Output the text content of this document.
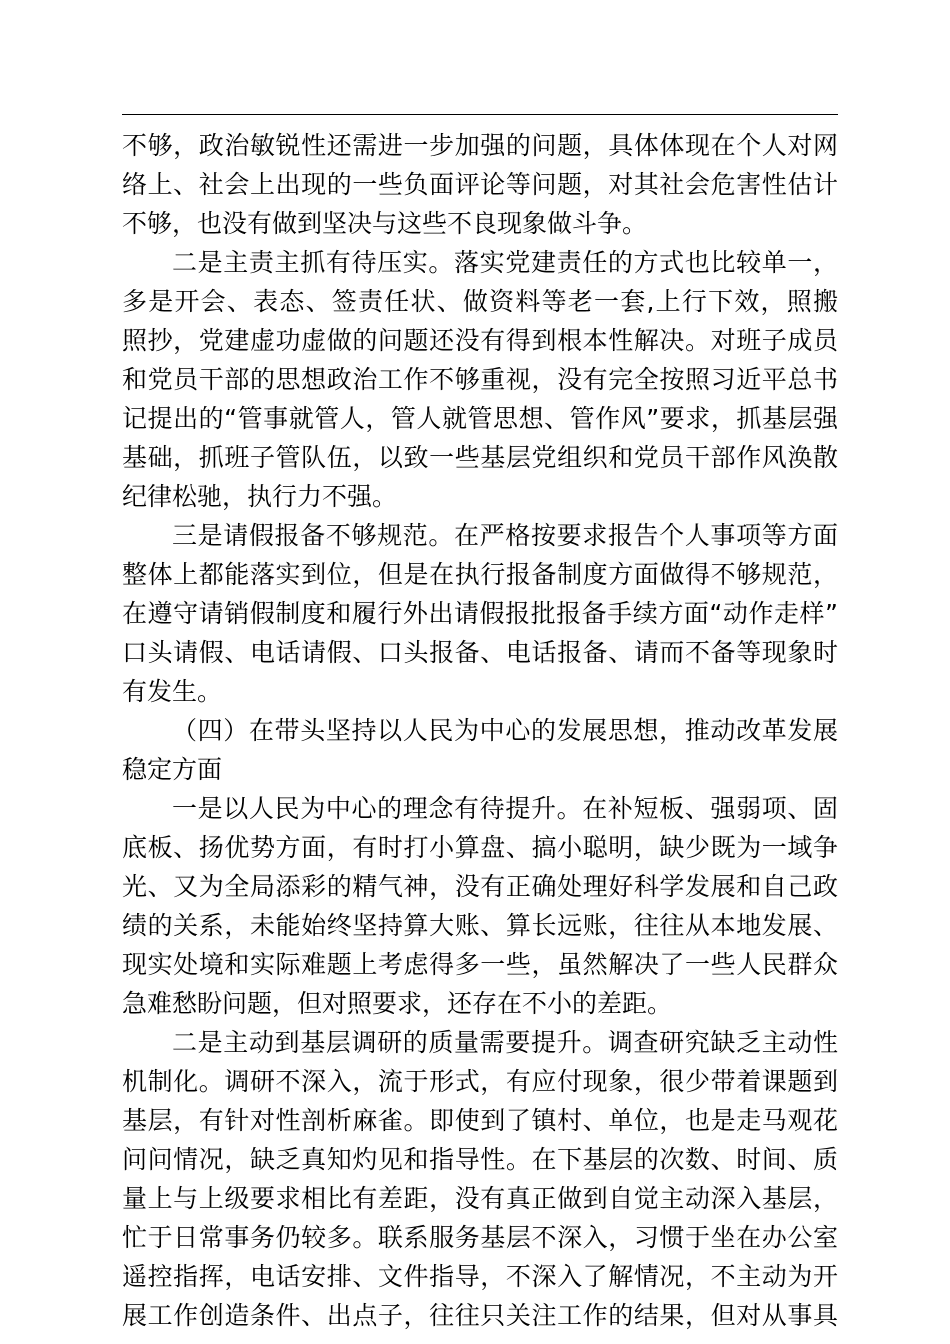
不够，政治敏锐性还需进一步加强的问题，具体体现在个人对网
络上、社会上出现的一些负面评论等问题，对其社会危害性估计
不够，也没有做到坚决与这些不良现象做斗争。
二是主责主抓有待压实。落实党建责任的方式也比较单一，
多是开会、表态、签责任状、做资料等老一套,上行下效，照搬
照抄，党建虚功虚做的问题还没有得到根本性解决。对班子成员
和党员干部的思想政治工作不够重视，没有完全按照习近平总书
记提出的“管事就管人，管人就管思想、管作风”要求，抓基层强
基础，抓班子管队伍，以致一些基层党组织和党员干部作风涣散
纪律松驰，执行力不强。
三是请假报备不够规范。在严格按要求报告个人事项等方面
整体上都能落实到位，但是在执行报备制度方面做得不够规范，
在遵守请销假制度和履行外出请假报批报备手续方面“动作走样”
口头请假、电话请假、口头报备、电话报备、请而不备等现象时
有发生。
（四）在带头坚持以人民为中心的发展思想，推动改革发展
稳定方面
一是以人民为中心的理念有待提升。在补短板、强弱项、固
底板、扬优势方面，有时打小算盘、搞小聪明，缺少既为一域争
光、又为全局添彩的精气神，没有正确处理好科学发展和自己政
绩的关系，未能始终坚持算大账、算长远账，往往从本地发展、
现实处境和实际难题上考虑得多一些，虽然解决了一些人民群众
急难愁盼问题，但对照要求，还存在不小的差距。
二是主动到基层调研的质量需要提升。调查研究缺乏主动性
机制化。调研不深入，流于形式，有应付现象，很少带着课题到
基层，有针对性剖析麻雀。即使到了镇村、单位，也是走马观花
问问情况，缺乏真知灼见和指导性。在下基层的次数、时间、质
量上与上级要求相比有差距，没有真正做到自觉主动深入基层，
忙于日常事务仍较多。联系服务基层不深入，习惯于坐在办公室
遥控指挥，电话安排、文件指导，不深入了解情况，不主动为开
展工作创造条件、出点子，往往只关注工作的结果，但对从事具
